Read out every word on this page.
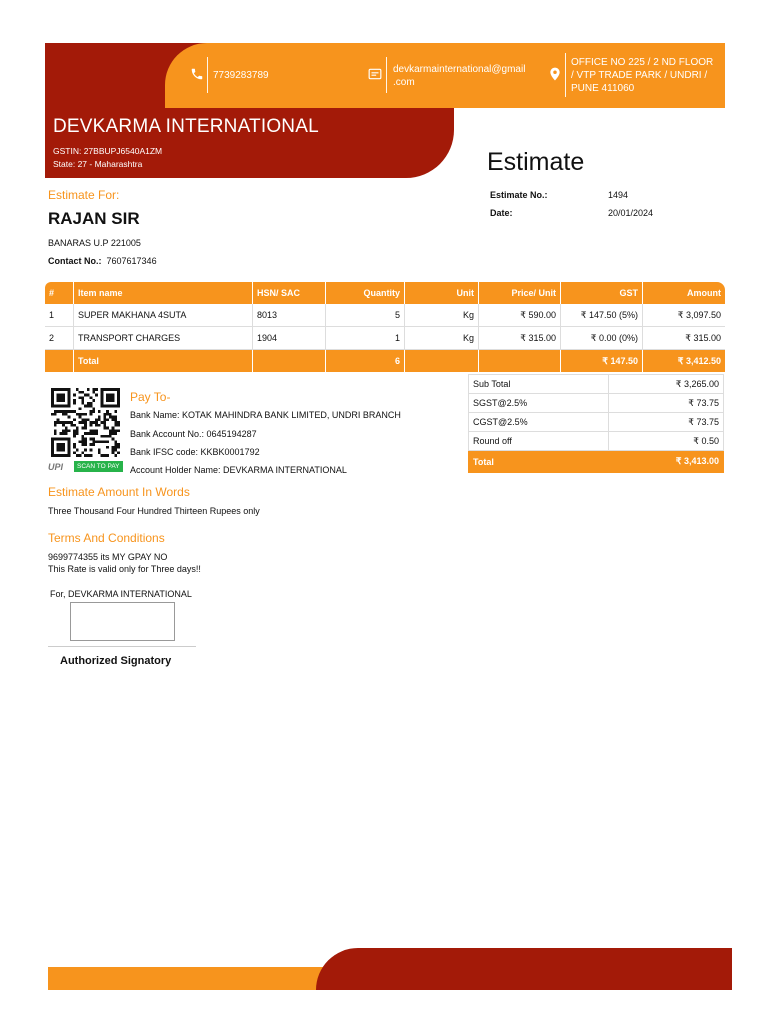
7739283789
devkarmainternational@gmail
.com
OFFICE NO 225 / 2 ND FLOOR
/ VTP TRADE PARK / UNDRI /
PUNE 411060
DEVKARMA INTERNATIONAL
GSTIN: 27BBUPJ6540A1ZM
State: 27 - Maharashtra	Estimate
Estimate No.:	1494
Date:	20/01/2024
Estimate For:
RAJAN SIR
BANARAS U.P 221005
Contact No.: 7607617346
#	Item name	HSN/ SAC	Quantity	Unit	Price/ Unit	GST	Amount
1	SUPER MAKHANA 4SUTA	8013	5	Kg	₹ 590.00	₹ 147.50 (5%)	₹ 3,097.50
2	TRANSPORT CHARGES	1904	1	Kg	₹ 315.00	₹ 0.00 (0%)	₹ 315.00
	Total		6			₹ 147.50	₹ 3,412.50
UPI	SCAN TO PAY
Pay To-
Bank Name: KOTAK MAHINDRA BANK LIMITED, UNDRI BRANCH
Bank Account No.: 0645194287
Bank IFSC code: KKBK0001792
Account Holder Name: DEVKARMA INTERNATIONAL
Sub Total	₹ 3,265.00
SGST@2.5%	₹ 73.75
CGST@2.5%	₹ 73.75
Round off	₹ 0.50
Total	₹ 3,413.00
Estimate Amount In Words
Three Thousand Four Hundred Thirteen Rupees only
Terms And Conditions
9699774355 its MY GPAY NO
This Rate is valid only for Three days!!
For, DEVKARMA INTERNATIONAL
Authorized Signatory
